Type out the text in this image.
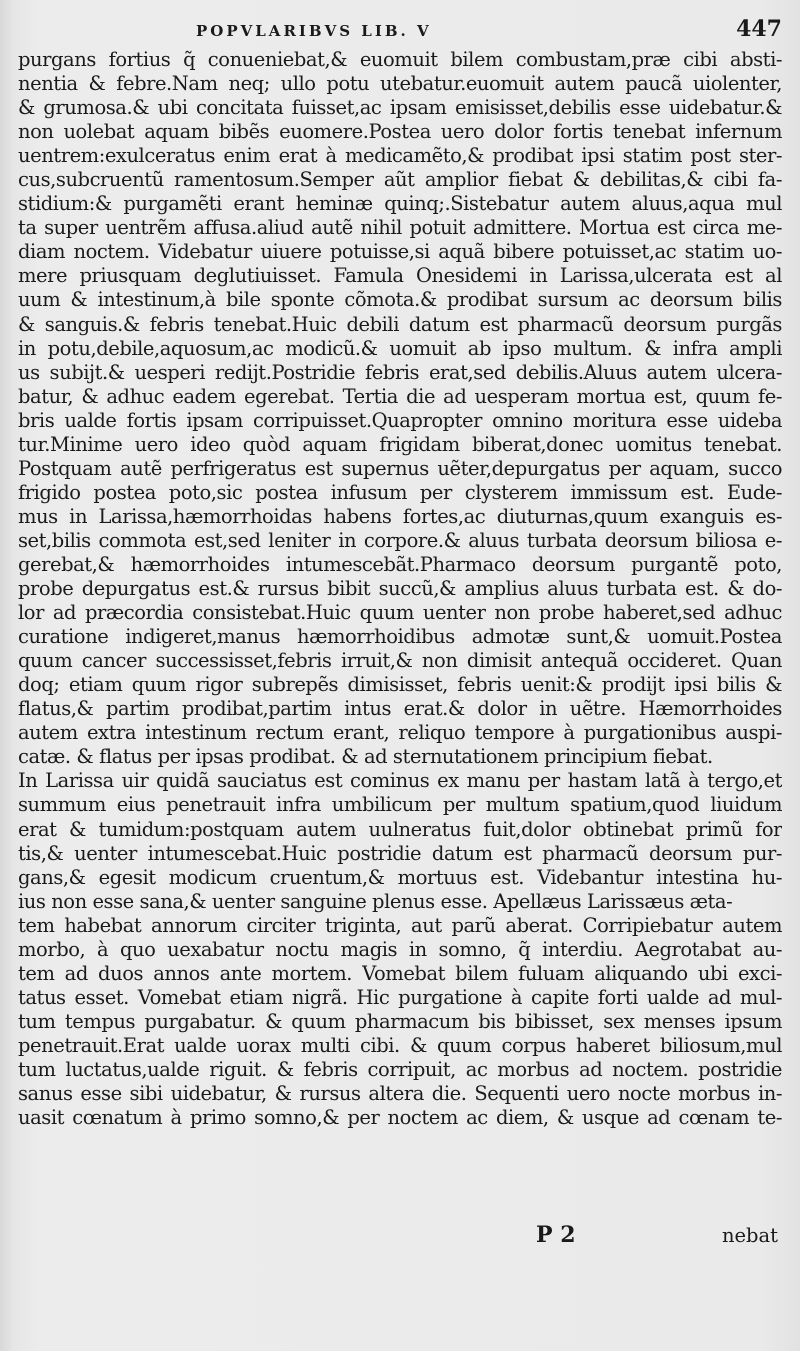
POPVLARIBVS LIB. V	447
purgans fortius q̃ conueniebat,& euomuit bilem combustam,præ cibi absti-
nentia & febre.Nam neq; ullo potu utebatur.euomuit autem paucã uiolenter,
& grumosa.& ubi concitata fuisset,ac ipsam emisisset,debilis esse uidebatur.&
non uolebat aquam bibẽs euomere.Postea uero dolor fortis tenebat infernum
uentrem:exulceratus enim erat à medicamẽto,& prodibat ipsi statim post ster-
cus,subcruentũ ramentosum.Semper aũt amplior fiebat & debilitas,& cibi fa-
stidium:& purgamẽti erant heminæ quinq;.Sistebatur autem aluus,aqua mul
ta super uentrẽm affusa.aliud autẽ nihil potuit admittere. Mortua est circa me-
diam noctem. Videbatur uiuere potuisse,si aquã bibere potuisset,ac statim uo-
mere priusquam deglutiuisset. Famula Onesidemi in Larissa,ulcerata est al
uum & intestinum,à bile sponte cõmota.& prodibat sursum ac deorsum bilis
& sanguis.& febris tenebat.Huic debili datum est pharmacũ deorsum purgãs
in potu,debile,aquosum,ac modicũ.& uomuit ab ipso multum. & infra ampli
us subijt.& uesperi redijt.Postridie febris erat,sed debilis.Aluus autem ulcera-
batur, & adhuc eadem egerebat. Tertia die ad uesperam mortua est, quum fe-
bris ualde fortis ipsam corripuisset.Quapropter omnino moritura esse uideba
tur.Minime uero ideo quòd aquam frigidam biberat,donec uomitus tenebat.
Postquam autẽ perfrigeratus est supernus uẽter,depurgatus per aquam, succo
frigido postea poto,sic postea infusum per clysterem immissum est. Eude-
mus in Larissa,hæmorrhoidas habens fortes,ac diuturnas,quum exanguis es-
set,bilis commota est,sed leniter in corpore.& aluus turbata deorsum biliosa e-
gerebat,& hæmorrhoides intumescebãt.Pharmaco deorsum purgantẽ poto,
probe depurgatus est.& rursus bibit succũ,& amplius aluus turbata est. & do-
lor ad præcordia consistebat.Huic quum uenter non probe haberet,sed adhuc
curatione indigeret,manus hæmorrhoidibus admotæ sunt,& uomuit.Postea
quum cancer successisset,febris irruit,& non dimisit antequã occideret. Quan
doq; etiam quum rigor subrepẽs dimisisset, febris uenit:& prodijt ipsi bilis &
flatus,& partim prodibat,partim intus erat.& dolor in uẽtre. Hæmorrhoides
autem extra intestinum rectum erant, reliquo tempore à purgationibus auspi-
catæ. & flatus per ipsas prodibat. & ad sternutationem principium fiebat.
In Larissa uir quidã sauciatus est cominus ex manu per hastam latã à tergo,et
summum eius penetrauit infra umbilicum per multum spatium,quod liuidum
erat & tumidum:postquam autem uulneratus fuit,dolor obtinebat primũ for
tis,& uenter intumescebat.Huic postridie datum est pharmacũ deorsum pur-
gans,& egesit modicum cruentum,& mortuus est. Videbantur intestina hu-
ius non esse sana,& uenter sanguine plenus esse. Apellæus Larissæus æta-
tem habebat annorum circiter triginta, aut parũ aberat. Corripiebatur autem
morbo, à quo uexabatur noctu magis in somno, q̃ interdiu. Aegrotabat au-
tem ad duos annos ante mortem. Vomebat bilem fuluam aliquando ubi exci-
tatus esset. Vomebat etiam nigrã. Hic purgatione à capite forti ualde ad mul-
tum tempus purgabatur. & quum pharmacum bis bibisset, sex menses ipsum
penetrauit.Erat ualde uorax multi cibi. & quum corpus haberet biliosum,mul
tum luctatus,ualde riguit. & febris corripuit, ac morbus ad noctem. postridie
sanus esse sibi uidebatur, & rursus altera die. Sequenti uero nocte morbus in-
uasit cœnatum à primo somno,& per noctem ac diem, & usque ad cœnam te-
P 2	nebat
